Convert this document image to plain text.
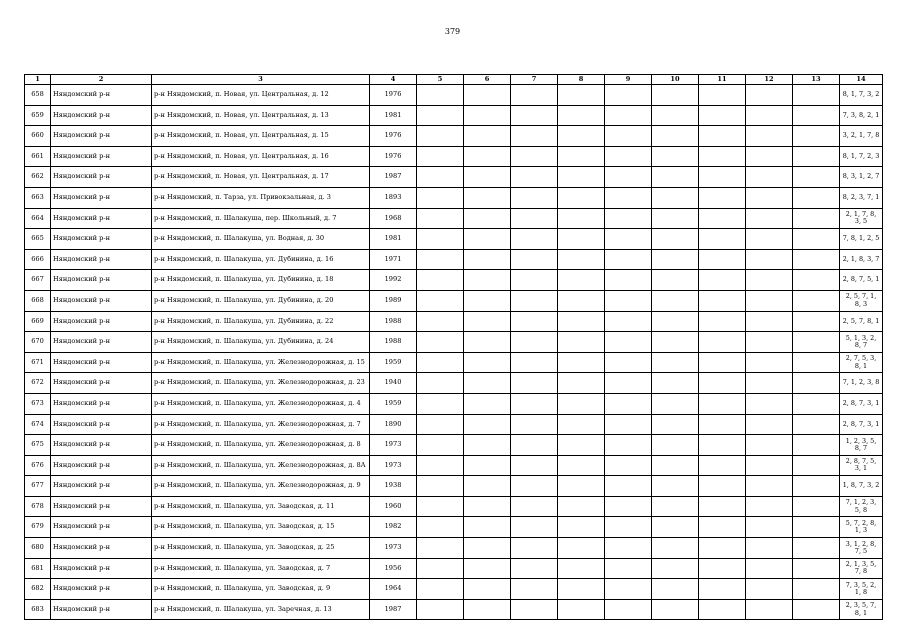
379
1	2	3	4	5	6	7	8	9	10	11	12	13	14
658	Няндомский р-н	р-н Няндомский, п. Новая, ул. Центральная, д. 12	1976										8, 1, 7, 3, 2
659	Няндомский р-н	р-н Няндомский, п. Новая, ул. Центральная, д. 13	1981										7, 3, 8, 2, 1
660	Няндомский р-н	р-н Няндомский, п. Новая, ул. Центральная, д. 15	1976										3, 2, 1, 7, 8
661	Няндомский р-н	р-н Няндомский, п. Новая, ул. Центральная, д. 16	1976										8, 1, 7, 2, 3
662	Няндомский р-н	р-н Няндомский, п. Новая, ул. Центральная, д. 17	1987										8, 3, 1, 2, 7
663	Няндомский р-н	р-н Няндомский, п. Тарза, ул. Привокзальная, д. 3	1893										8, 2, 3, 7, 1
664	Няндомский р-н	р-н Няндомский, п. Шалакуша, пер. Школьный, д. 7	1968										2, 1, 7, 8, 3, 5
665	Няндомский р-н	р-н Няндомский, п. Шалакуша, ул. Водная, д. 30	1981										7, 8, 1, 2, 5
666	Няндомский р-н	р-н Няндомский, п. Шалакуша, ул. Дубинина, д. 16	1971										2, 1, 8, 3, 7
667	Няндомский р-н	р-н Няндомский, п. Шалакуша, ул. Дубинина, д. 18	1992										2, 8, 7, 5, 1
668	Няндомский р-н	р-н Няндомский, п. Шалакуша, ул. Дубинина, д. 20	1989										2, 5, 7, 1, 8, 3
669	Няндомский р-н	р-н Няндомский, п. Шалакуша, ул. Дубинина, д. 22	1988										2, 5, 7, 8, 1
670	Няндомский р-н	р-н Няндомский, п. Шалакуша, ул. Дубинина, д. 24	1988										5, 1, 3, 2, 8, 7
671	Няндомский р-н	р-н Няндомский, п. Шалакуша, ул. Железнодорожная, д. 15	1959										2, 7, 5, 3, 8, 1
672	Няндомский р-н	р-н Няндомский, п. Шалакуша, ул. Железнодорожная, д. 23	1940										7, 1, 2, 3, 8
673	Няндомский р-н	р-н Няндомский, п. Шалакуша, ул. Железнодорожная, д. 4	1959										2, 8, 7, 3, 1
674	Няндомский р-н	р-н Няндомский, п. Шалакуша, ул. Железнодорожная, д. 7	1890										2, 8, 7, 3, 1
675	Няндомский р-н	р-н Няндомский, п. Шалакуша, ул. Железнодорожная, д. 8	1973										1, 2, 3, 5, 8, 7
676	Няндомский р-н	р-н Няндомский, п. Шалакуша, ул. Железнодорожная, д. 8А	1973										2, 8, 7, 5, 3, 1
677	Няндомский р-н	р-н Няндомский, п. Шалакуша, ул. Железнодорожная, д. 9	1938										1, 8, 7, 3, 2
678	Няндомский р-н	р-н Няндомский, п. Шалакуша, ул. Заводская, д. 11	1960										7, 1, 2, 3, 5, 8
679	Няндомский р-н	р-н Няндомский, п. Шалакуша, ул. Заводская, д. 15	1982										5, 7, 2, 8, 1, 3
680	Няндомский р-н	р-н Няндомский, п. Шалакуша, ул. Заводская, д. 25	1973										3, 1, 2, 8, 7, 5
681	Няндомский р-н	р-н Няндомский, п. Шалакуша, ул. Заводская, д. 7	1956										2, 1, 3, 5, 7, 8
682	Няндомский р-н	р-н Няндомский, п. Шалакуша, ул. Заводская, д. 9	1964										7, 3, 5, 2, 1, 8
683	Няндомский р-н	р-н Няндомский, п. Шалакуша, ул. Заречная, д. 13	1987										2, 3, 5, 7, 8, 1
